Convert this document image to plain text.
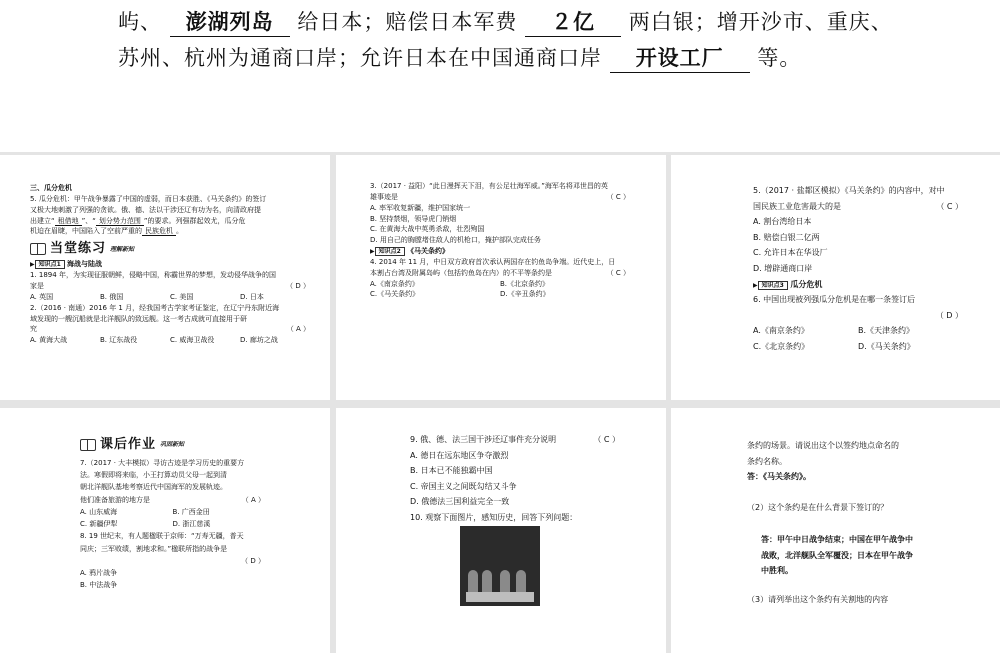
屿、 澎湖列岛 给日本；赔偿日本军费 ２亿 两白银；增开沙市、重庆、
苏州、杭州为通商口岸；允许日本在中国通商口岸 开设工厂 等。

三、瓜分危机

5. 瓜分危机：甲午战争暴露了中国的虚弱，而日本获胜、《马关条约》的签订

又极大地刺激了列强的贪欲。俄、德、法以干涉还辽有功为名，向清政府提

出建立“ 租借地 ”、“ 划分势力范围 ”的要求。列强群起效尤，瓜分危

机迫在眉睫，中国陷入了空前严重的 民族危机 。

当堂练习 理解新知

▶ 知识点1 海战与陆战

1. 1894 年，为实现征服朝鲜，侵略中国，称霸世界的梦想，发动侵华战争的国

家是	（ D ）

A. 英国	B. 俄国	C. 美国	D. 日本

2.（2016 · 南通）2016 年 1 月，经我国考古学家考证鉴定，在辽宁丹东附近海

域发现的一艘沉船就是北洋舰队的致远舰。这一考古成就可直接用于研

究	（ A ）

A. 黄海大战	B. 辽东战役	C. 威海卫战役	D. 廊坊之战

3.（2017 · 益阳）“此日漫挥天下泪，有公足壮海军威。”海军名将邓世昌的英

雄事迹是	（ C ）

A. 率军收复新疆，维护国家统一

B. 坚持禁烟，领导虎门销烟

C. 在黄海大战中英勇杀敌，壮烈殉国

D. 用自己的胸膛堵住敌人的机枪口，掩护部队完成任务

▶ 知识点2 《马关条约》

4. 2014 年 11 月，中日双方政府首次承认两国存在钓鱼岛争端。近代史上，日

本割占台湾及附属岛屿（包括钓鱼岛在内）的不平等条约是	（ C ）

A.《南京条约》	B.《北京条约》

C.《马关条约》	D.《辛丑条约》

5.（2017 · 盐都区模拟）《马关条约》的内容中，对中

国民族工业危害最大的是	（ C ）

A. 割台湾给日本

B. 赔偿白银二亿两

C. 允许日本在华设厂

D. 增辟通商口岸

▶ 知识点3 瓜分危机

6. 中国出现被列强瓜分危机是在哪一条签订后

（ D ）

A.《南京条约》	B.《天津条约》

C.《北京条约》	D.《马关条约》

课后作业 巩固新知

7.（2017 · 大丰模拟）寻访古迹是学习历史的重要方

法。寒假即将来临，小王打算动员父母一起到清

朝北洋舰队基地考察近代中国海军的发展轨迹。

他们准备旅游的地方是	（ A ）

A. 山东威海	B. 广西金田

C. 新疆伊犁	D. 浙江慈溪

8. 19 世纪末，有人题楹联于京师：“万寿无疆，普天

同庆；三军败绩，割地求和。”楹联所指的战争是

（ D ）

A. 鸦片战争

B. 中法战争

9. 俄、德、法三国干涉还辽事件充分说明	（ C ）

A. 德日在远东地区争夺激烈

B. 日本已不能独霸中国

C. 帝国主义之间既勾结又斗争

D. 俄德法三国利益完全一致

10. 观察下面图片，感知历史，回答下列问题：

条约的场景。请说出这个以签约地点命名的

条约名称。

答：《马关条约》。

（2）这个条约是在什么背景下签订的？

答：甲午中日战争结束；中国在甲午战争中

战败，北洋舰队全军覆没；日本在甲午战争

中胜利。

（3）请列举出这个条约有关割地的内容
